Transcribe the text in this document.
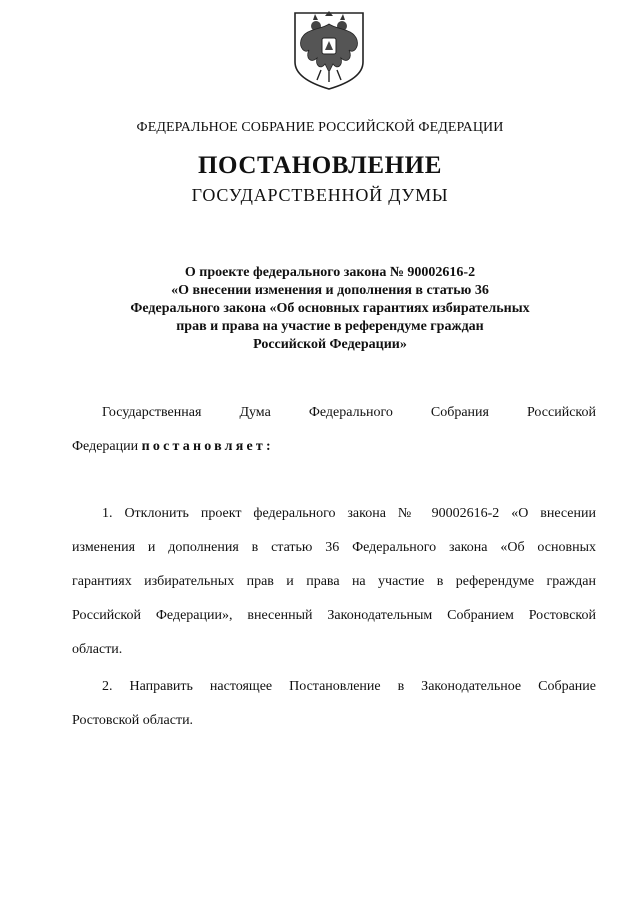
ФЕДЕРАЛЬНОЕ СОБРАНИЕ РОССИЙСКОЙ ФЕДЕРАЦИИ
ПОСТАНОВЛЕНИЕ
ГОСУДАРСТВЕННОЙ ДУМЫ
О проекте федерального закона № 90002616-2
«О внесении изменения и дополнения в статью 36
Федерального закона «Об основных гарантиях избирательных
прав и права на участие в референдуме граждан
Российской Федерации»
Государственная Дума Федерального Собрания Российской
Федерации постановляет:
1. Отклонить проект федерального закона № 90002616-2 «О внесении
изменения и дополнения в статью 36 Федерального закона «Об основных
гарантиях избирательных прав и права на участие в референдуме граждан
Российской Федерации», внесенный Законодательным Собранием Ростовской
области.
2. Направить настоящее Постановление в Законодательное Собрание
Ростовской области.
